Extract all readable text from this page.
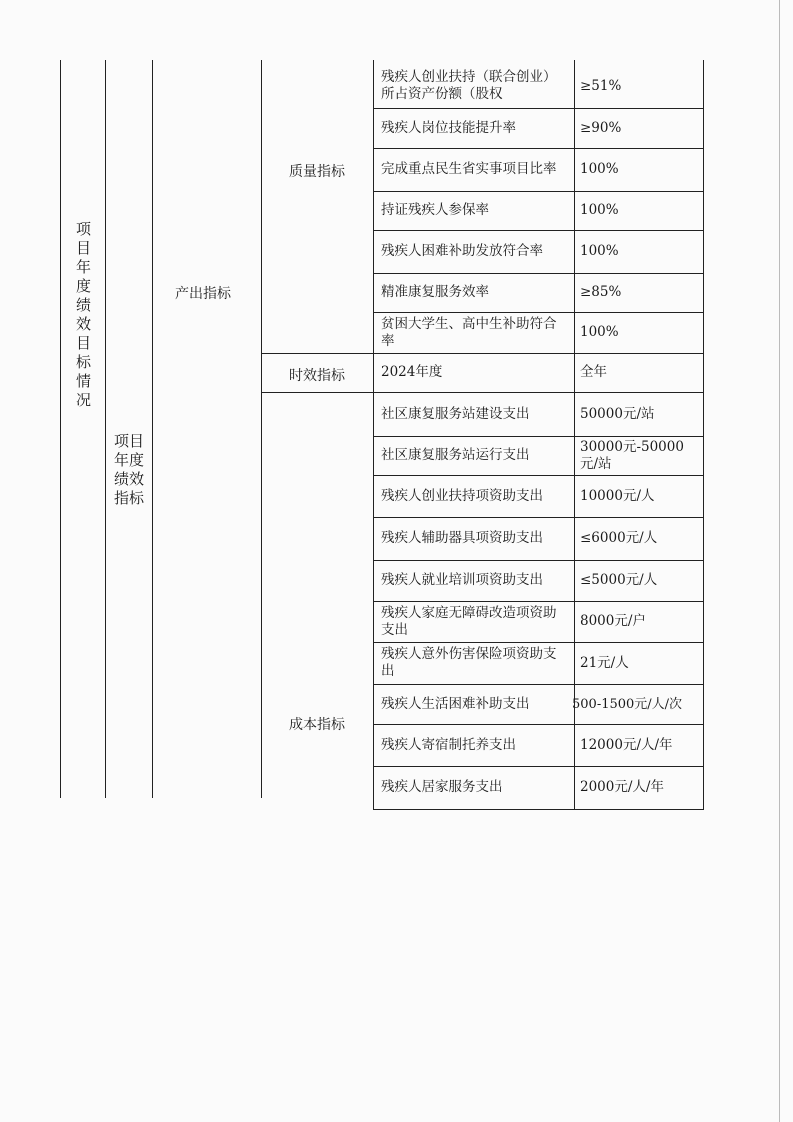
项目年度绩效目标情况
项目年度绩效指标
产出指标
质量指标
时效指标
成本指标
残疾人创业扶持（联合创业）所占资产份额（股权
残疾人岗位技能提升率
完成重点民生省实事项目比率
持证残疾人参保率
残疾人困难补助发放符合率
精准康复服务效率
贫困大学生、高中生补助符合率
2024年度
社区康复服务站建设支出
社区康复服务站运行支出
残疾人创业扶持项资助支出
残疾人辅助器具项资助支出
残疾人就业培训项资助支出
残疾人家庭无障碍改造项资助支出
残疾人意外伤害保险项资助支出
残疾人生活困难补助支出
残疾人寄宿制托养支出
残疾人居家服务支出
≥51%
≥90%
100%
100%
100%
≥85%
100%
全年
50000元/站
30000元-50000元/站
10000元/人
≤6000元/人
≤5000元/人
8000元/户
21元/人
500-1500元/人/次
12000元/人/年
2000元/人/年
